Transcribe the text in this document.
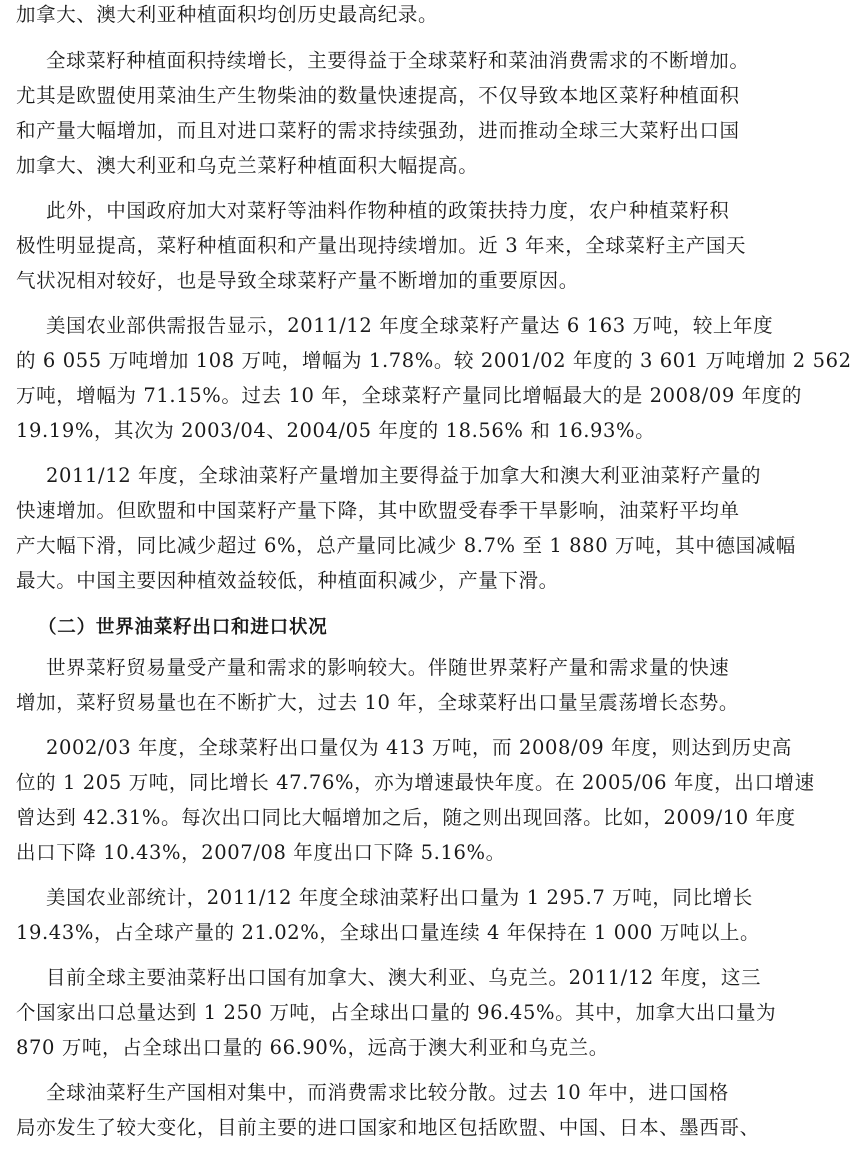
加拿大、澳大利亚种植面积均创历史最高纪录。
全球菜籽种植面积持续增长，主要得益于全球菜籽和菜油消费需求的不断增加。
尤其是欧盟使用菜油生产生物柴油的数量快速提高，不仅导致本地区菜籽种植面积
和产量大幅增加，而且对进口菜籽的需求持续强劲，进而推动全球三大菜籽出口国
加拿大、澳大利亚和乌克兰菜籽种植面积大幅提高。
此外，中国政府加大对菜籽等油料作物种植的政策扶持力度，农户种植菜籽积
极性明显提高，菜籽种植面积和产量出现持续增加。近 3 年来，全球菜籽主产国天
气状况相对较好，也是导致全球菜籽产量不断增加的重要原因。
美国农业部供需报告显示，2011/12 年度全球菜籽产量达 6 163 万吨，较上年度
的 6 055 万吨增加 108 万吨，增幅为 1.78%。较 2001/02 年度的 3 601 万吨增加 2 562
万吨，增幅为 71.15%。过去 10 年，全球菜籽产量同比增幅最大的是 2008/09 年度的
19.19%，其次为 2003/04、2004/05 年度的 18.56% 和 16.93%。
2011/12 年度，全球油菜籽产量增加主要得益于加拿大和澳大利亚油菜籽产量的
快速增加。但欧盟和中国菜籽产量下降，其中欧盟受春季干旱影响，油菜籽平均单
产大幅下滑，同比减少超过 6%，总产量同比减少 8.7% 至 1 880 万吨，其中德国减幅
最大。中国主要因种植效益较低，种植面积减少，产量下滑。
（二）世界油菜籽出口和进口状况
世界菜籽贸易量受产量和需求的影响较大。伴随世界菜籽产量和需求量的快速
增加，菜籽贸易量也在不断扩大，过去 10 年，全球菜籽出口量呈震荡增长态势。
2002/03 年度，全球菜籽出口量仅为 413 万吨，而 2008/09 年度，则达到历史高
位的 1 205 万吨，同比增长 47.76%，亦为增速最快年度。在 2005/06 年度，出口增速
曾达到 42.31%。每次出口同比大幅增加之后，随之则出现回落。比如，2009/10 年度
出口下降 10.43%，2007/08 年度出口下降 5.16%。
美国农业部统计，2011/12 年度全球油菜籽出口量为 1 295.7 万吨，同比增长
19.43%，占全球产量的 21.02%，全球出口量连续 4 年保持在 1 000 万吨以上。
目前全球主要油菜籽出口国有加拿大、澳大利亚、乌克兰。2011/12 年度，这三
个国家出口总量达到 1 250 万吨，占全球出口量的 96.45%。其中，加拿大出口量为
870 万吨，占全球出口量的 66.90%，远高于澳大利亚和乌克兰。
全球油菜籽生产国相对集中，而消费需求比较分散。过去 10 年中，进口国格
局亦发生了较大变化，目前主要的进口国家和地区包括欧盟、中国、日本、墨西哥、
